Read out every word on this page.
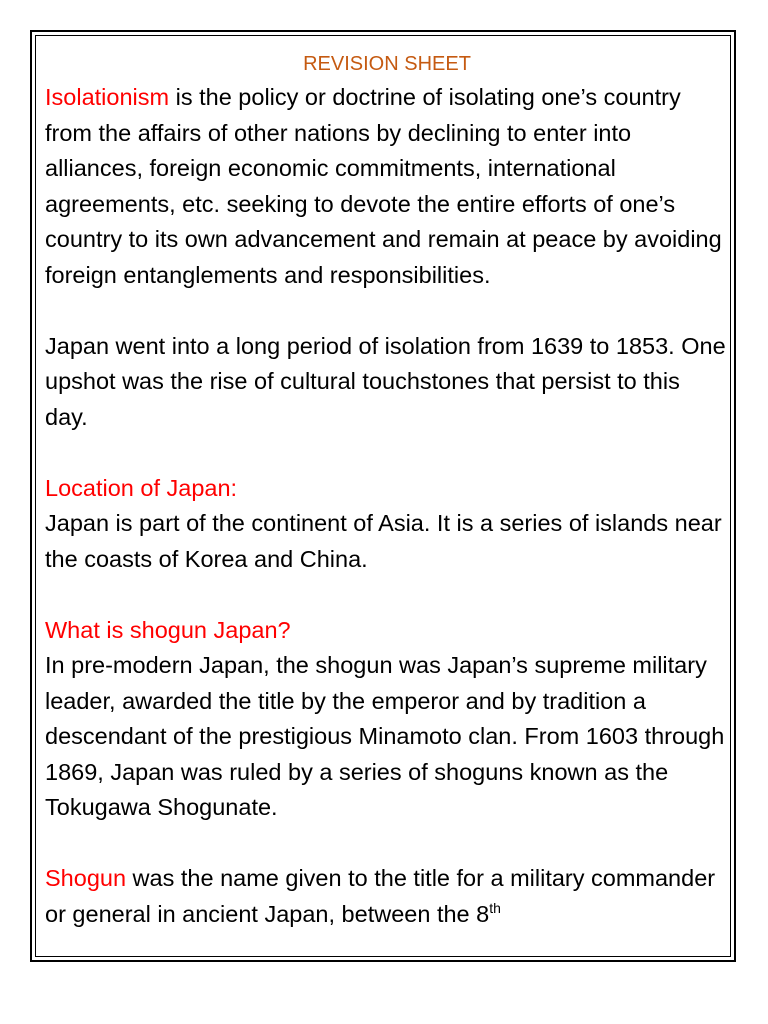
REVISION SHEET

Isolationism is the policy or doctrine of isolating one’s country from the affairs of other nations by declining to enter into alliances, foreign economic commitments, international agreements, etc. seeking to devote the entire efforts of one’s country to its own advancement and remain at peace by avoiding foreign entanglements and responsibilities.

Japan went into a long period of isolation from 1639 to 1853. One upshot was the rise of cultural touchstones that persist to this day.

Location of Japan:

Japan is part of the continent of Asia. It is a series of islands near the coasts of Korea and China.

What is shogun Japan?

In pre-modern Japan, the shogun was Japan’s supreme military leader, awarded the title by the emperor and by tradition a descendant of the prestigious Minamoto clan. From 1603 through 1869, Japan was ruled by a series of shoguns known as the Tokugawa Shogunate.

Shogun was the name given to the title for a military commander or general in ancient Japan, between the 8th
